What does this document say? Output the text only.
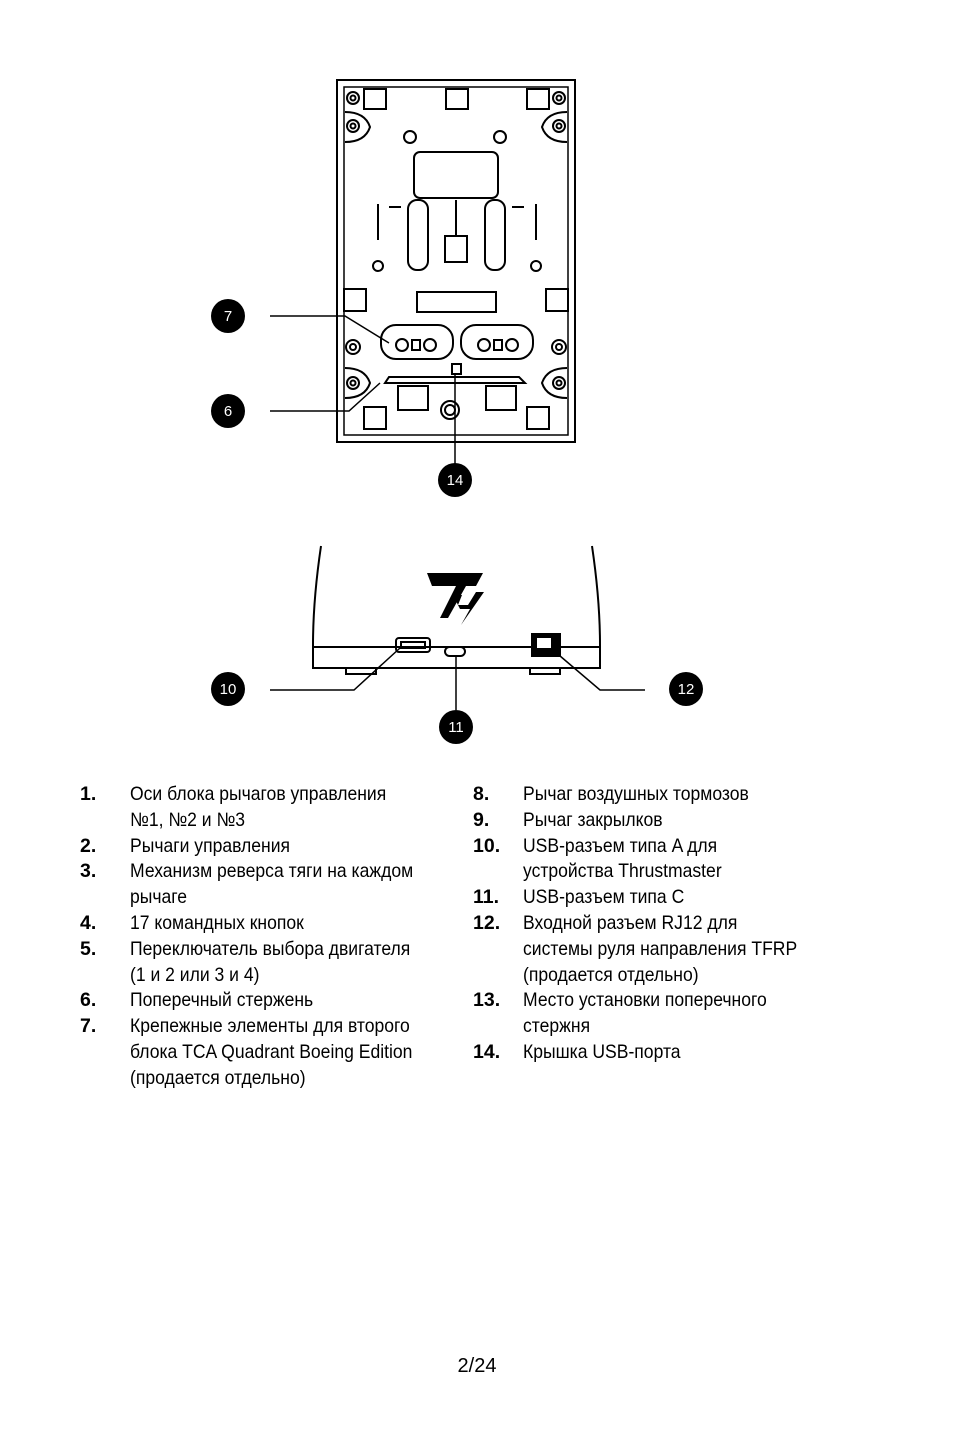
7
6
14
10
11
12
1.	Оси блока рычагов управления
№1, №2 и №3
2.	Рычаги управления
3.	Механизм реверса тяги на каждом
рычаге
4.	17 командных кнопок
5.	Переключатель выбора двигателя
(1 и 2 или 3 и 4)
6.	Поперечный стержень
7.	Крепежные элементы для второго
блока TCA Quadrant Boeing Edition
(продается отдельно)
8.	Рычаг воздушных тормозов
9.	Рычаг закрылков
10.	USB-разъем типа A для
устройства Thrustmaster
11.	USB-разъем типа C
12.	Входной разъем RJ12 для
системы руля направления TFRP
(продается отдельно)
13.	Место установки поперечного
стержня
14.	Крышка USB-порта
2/24
